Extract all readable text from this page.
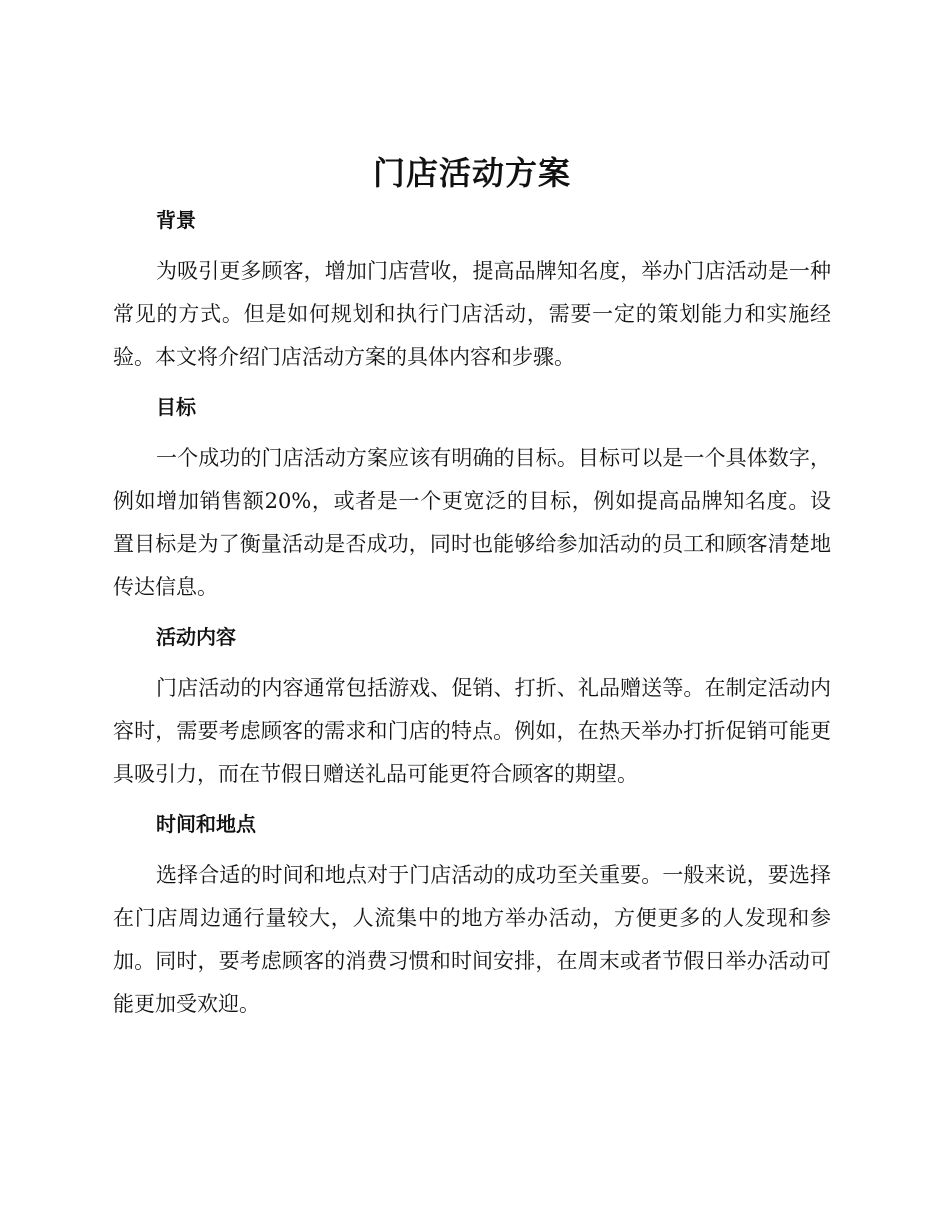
门店活动方案
背景

为吸引更多顾客，增加门店营收，提高品牌知名度，举办门店活动是一种常见的方式。但是如何规划和执行门店活动，需要一定的策划能力和实施经验。本文将介绍门店活动方案的具体内容和步骤。

目标

一个成功的门店活动方案应该有明确的目标。目标可以是一个具体数字，例如增加销售额20%，或者是一个更宽泛的目标，例如提高品牌知名度。设置目标是为了衡量活动是否成功，同时也能够给参加活动的员工和顾客清楚地传达信息。

活动内容

门店活动的内容通常包括游戏、促销、打折、礼品赠送等。在制定活动内容时，需要考虑顾客的需求和门店的特点。例如，在热天举办打折促销可能更具吸引力，而在节假日赠送礼品可能更符合顾客的期望。

时间和地点

选择合适的时间和地点对于门店活动的成功至关重要。一般来说，要选择在门店周边通行量较大，人流集中的地方举办活动，方便更多的人发现和参加。同时，要考虑顾客的消费习惯和时间安排，在周末或者节假日举办活动可能更加受欢迎。
